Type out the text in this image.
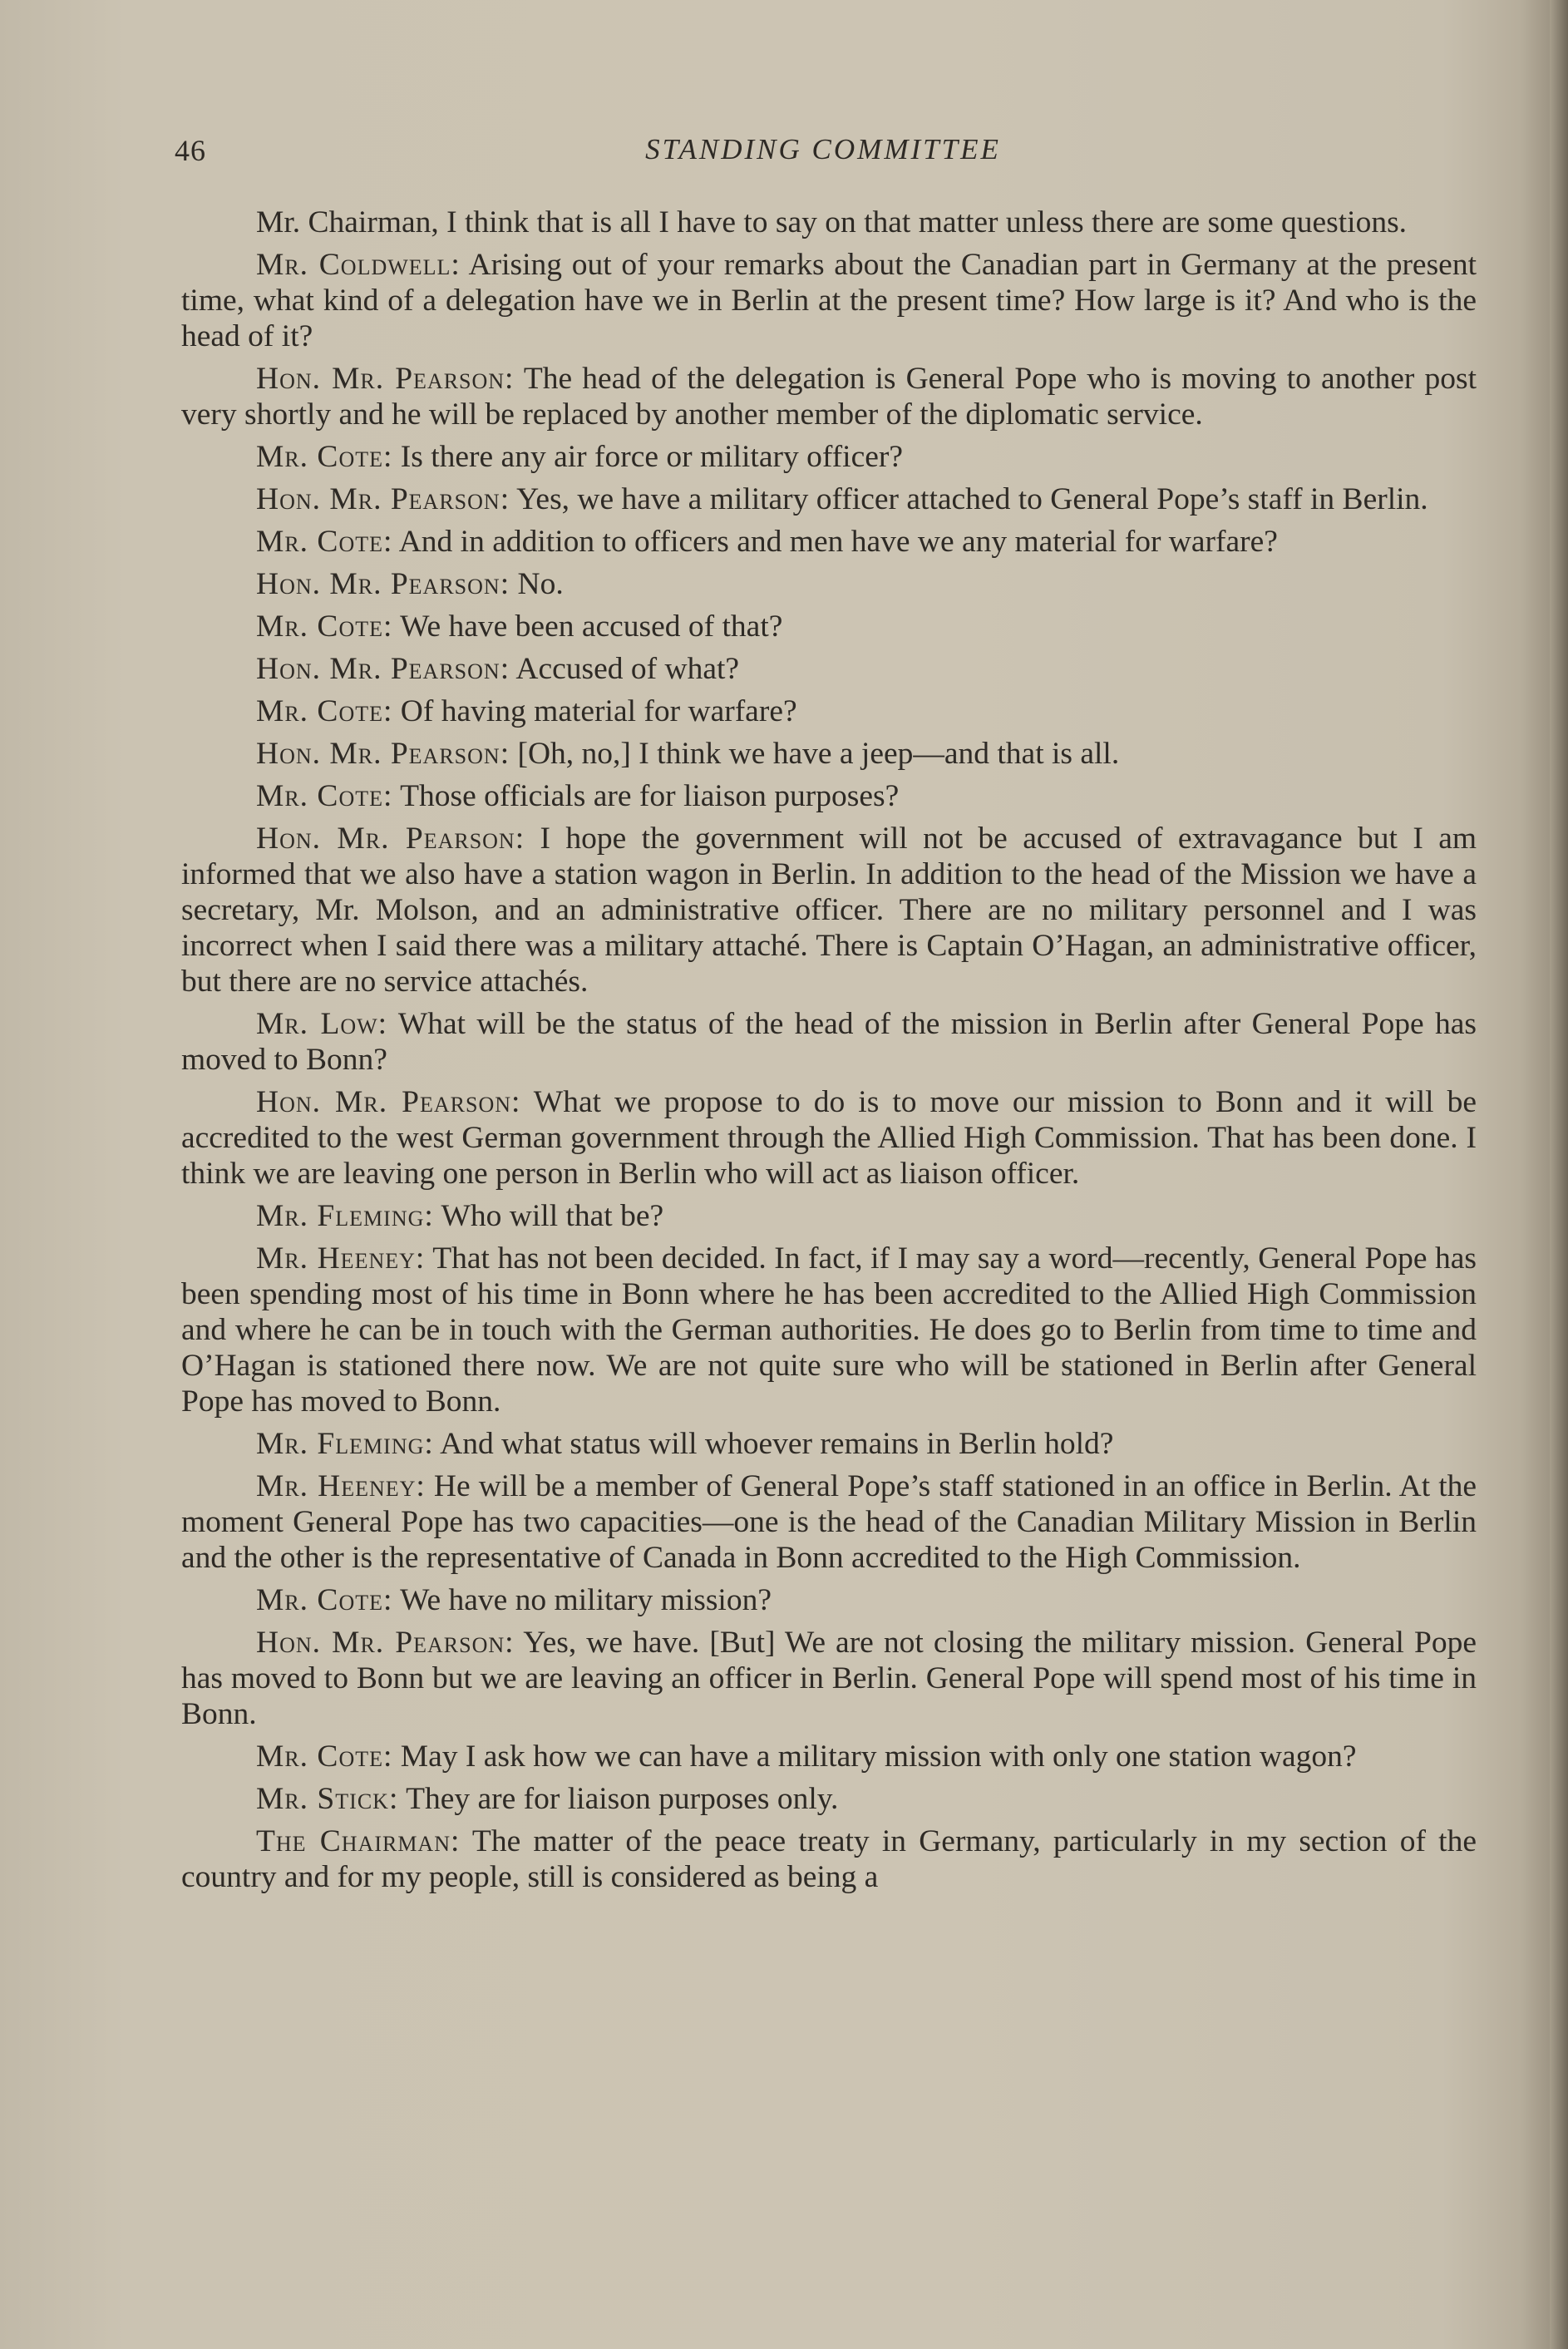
46	STANDING COMMITTEE

Mr. Chairman, I think that is all I have to say on that matter unless there are some questions.

Mr. Coldwell: Arising out of your remarks about the Canadian part in Germany at the present time, what kind of a delegation have we in Berlin at the present time? How large is it? And who is the head of it?

Hon. Mr. Pearson: The head of the delegation is General Pope who is moving to another post very shortly and he will be replaced by another member of the diplomatic service.

Mr. Cote: Is there any air force or military officer?

Hon. Mr. Pearson: Yes, we have a military officer attached to General Pope’s staff in Berlin.

Mr. Cote: And in addition to officers and men have we any material for warfare?

Hon. Mr. Pearson: No.

Mr. Cote: We have been accused of that?

Hon. Mr. Pearson: Accused of what?

Mr. Cote: Of having material for warfare?

Hon. Mr. Pearson: [Oh, no,] I think we have a jeep—and that is all.

Mr. Cote: Those officials are for liaison purposes?

Hon. Mr. Pearson: I hope the government will not be accused of extravagance but I am informed that we also have a station wagon in Berlin. In addition to the head of the Mission we have a secretary, Mr. Molson, and an administrative officer. There are no military personnel and I was incorrect when I said there was a military attaché. There is Captain O’Hagan, an administrative officer, but there are no service attachés.

Mr. Low: What will be the status of the head of the mission in Berlin after General Pope has moved to Bonn?

Hon. Mr. Pearson: What we propose to do is to move our mission to Bonn and it will be accredited to the west German government through the Allied High Commission. That has been done. I think we are leaving one person in Berlin who will act as liaison officer.

Mr. Fleming: Who will that be?

Mr. Heeney: That has not been decided. In fact, if I may say a word—recently, General Pope has been spending most of his time in Bonn where he has been accredited to the Allied High Commission and where he can be in touch with the German authorities. He does go to Berlin from time to time and O’Hagan is stationed there now. We are not quite sure who will be stationed in Berlin after General Pope has moved to Bonn.

Mr. Fleming: And what status will whoever remains in Berlin hold?

Mr. Heeney: He will be a member of General Pope’s staff stationed in an office in Berlin. At the moment General Pope has two capacities—one is the head of the Canadian Military Mission in Berlin and the other is the representative of Canada in Bonn accredited to the High Commission.

Mr. Cote: We have no military mission?

Hon. Mr. Pearson: Yes, we have. [But] We are not closing the military mission. General Pope has moved to Bonn but we are leaving an officer in Berlin. General Pope will spend most of his time in Bonn.

Mr. Cote: May I ask how we can have a military mission with only one station wagon?

Mr. Stick: They are for liaison purposes only.

The Chairman: The matter of the peace treaty in Germany, particularly in my section of the country and for my people, still is considered as being a
